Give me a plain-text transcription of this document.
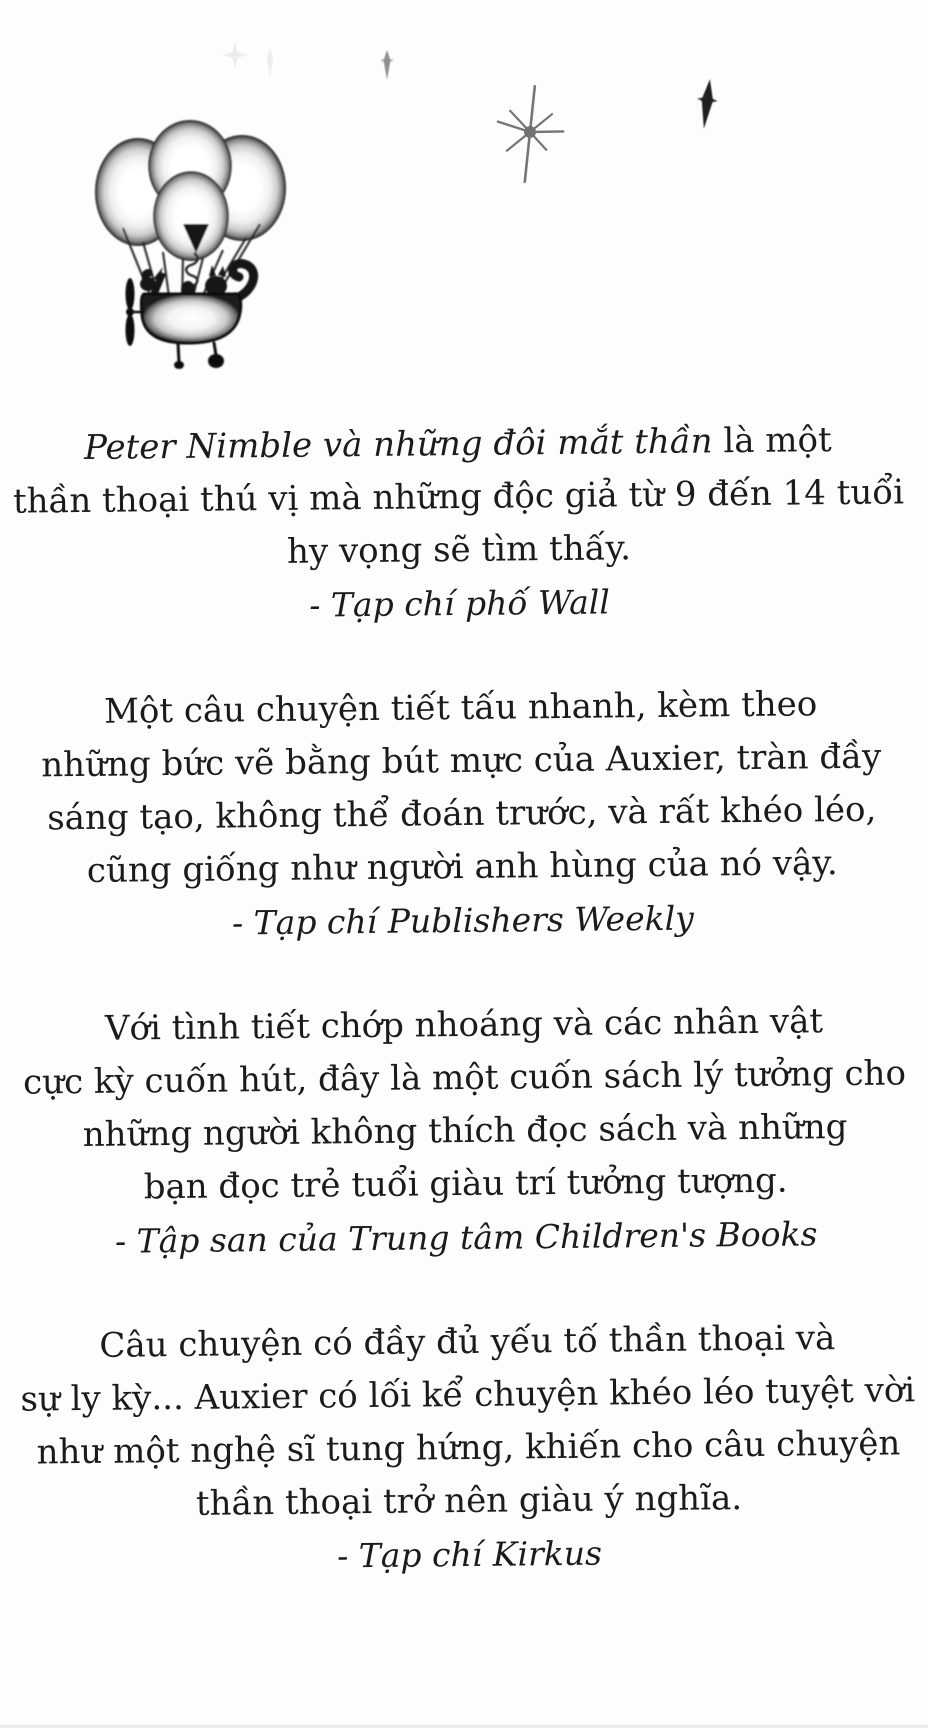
Peter Nimble và những đôi mắt thần là một
thần thoại thú vị mà những độc giả từ 9 đến 14 tuổi
hy vọng sẽ tìm thấy.
- Tạp chí phố Wall
Một câu chuyện tiết tấu nhanh, kèm theo
những bức vẽ bằng bút mực của Auxier, tràn đầy
sáng tạo, không thể đoán trước, và rất khéo léo,
cũng giống như người anh hùng của nó vậy.
- Tạp chí Publishers Weekly
Với tình tiết chớp nhoáng và các nhân vật
cực kỳ cuốn hút, đây là một cuốn sách lý tưởng cho
những người không thích đọc sách và những
bạn đọc trẻ tuổi giàu trí tưởng tượng.
- Tập san của Trung tâm Children's Books
Câu chuyện có đầy đủ yếu tố thần thoại và
sự ly kỳ... Auxier có lối kể chuyện khéo léo tuyệt vời
như một nghệ sĩ tung hứng, khiến cho câu chuyện
thần thoại trở nên giàu ý nghĩa.
- Tạp chí Kirkus
